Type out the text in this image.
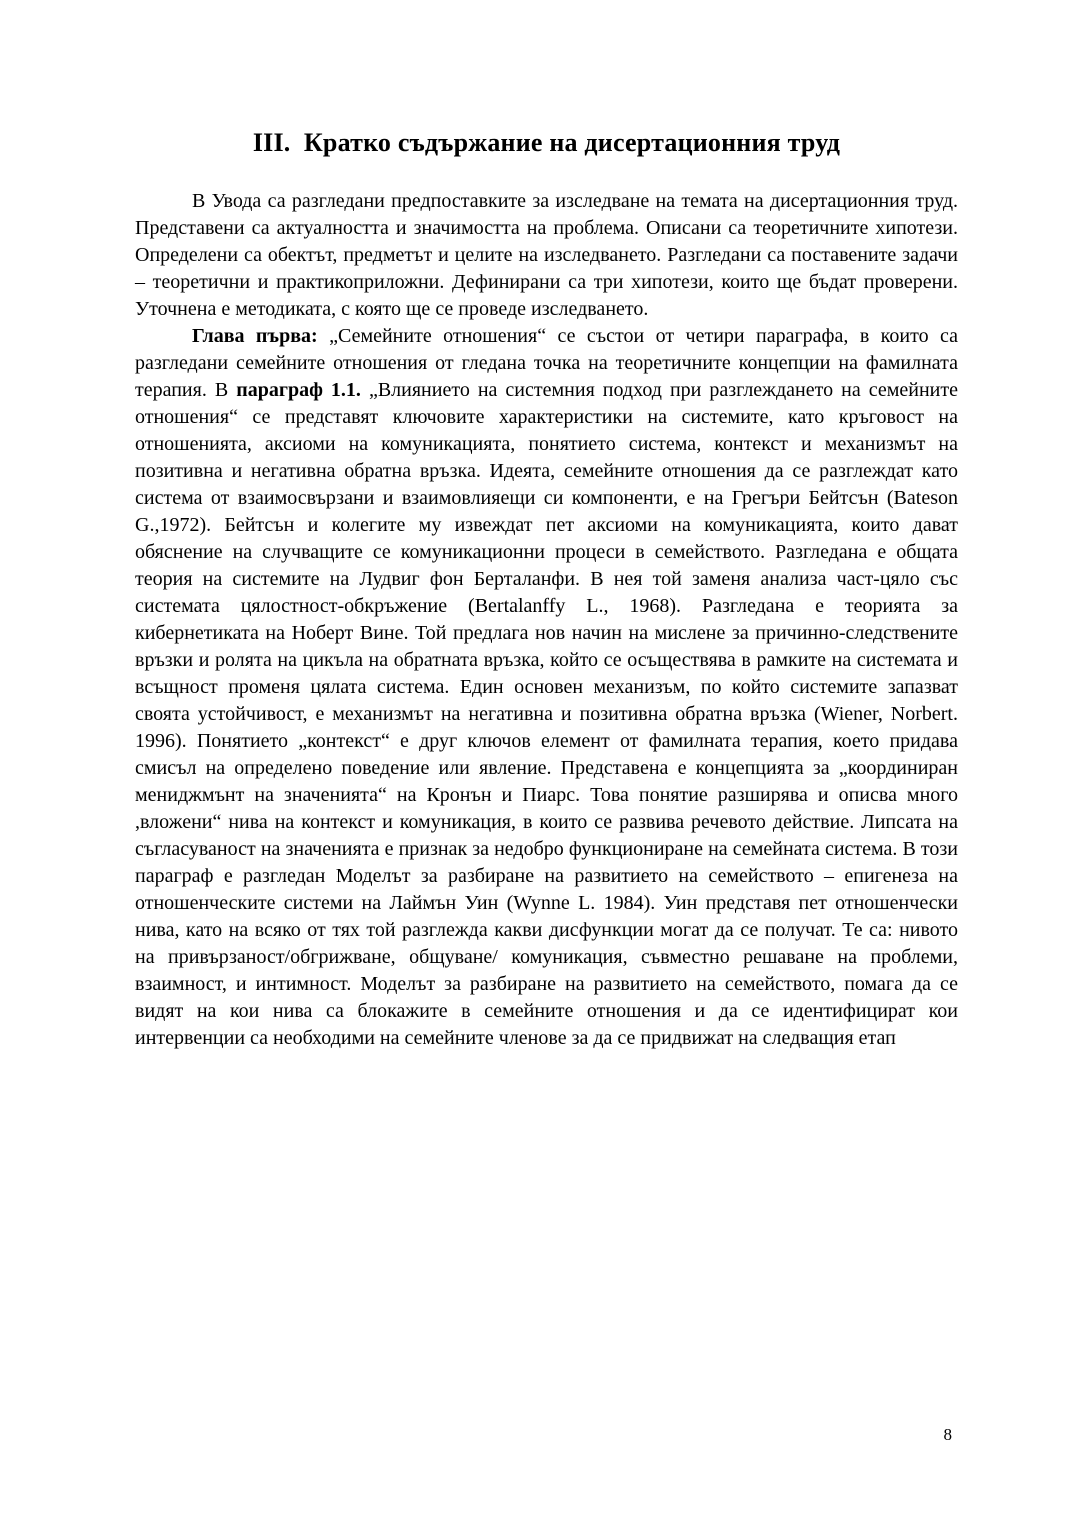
III.  Кратко съдържание на дисертационния труд

В Увода са разгледани предпоставките за изследване на темата на дисертационния труд. Представени са актуалността и значимостта на проблема. Описани са теоретичните хипотези. Определени са обектът, предметът и целите на изследването. Разгледани са поставените задачи – теоретични и практикоприложни. Дефинирани са три хипотези, които ще бъдат проверени. Уточнена е методиката, с която ще се проведе изследването.

Глава първа: „Семейните отношения“ се състои от четири параграфа, в които са разгледани семейните отношения от гледана точка на теоретичните концепции на фамилната терапия. В параграф 1.1. „Влиянието на системния подход при разглеждането на семейните отношения“ се представят ключовите характеристики на системите, като кръговост на отношенията, аксиоми на комуникацията, понятието система, контекст и механизмът на позитивна и негативна обратна връзка. Идеята, семейните отношения да се разглеждат като система от взаимосвързани и взаимовлияещи си компоненти, е на Грегъри Бейтсън (Bateson G.,1972). Бейтсън и колегите му извеждат пет аксиоми на комуникацията, които дават обяснение на случващите се комуникационни процеси в семейството. Разгледана е общата теория на системите на Лудвиг фон Берталанфи. В нея той заменя анализа част-цяло със системата цялостност-обкръжение (Bertalanffy L., 1968). Разгледана е теорията за кибернетиката на Ноберт Вине. Той предлага нов начин на мислене за причинно-следствените връзки и ролята на цикъла на обратната връзка, който се осъществява в рамките на системата и всъщност променя цялата система. Един основен механизъм, по който системите запазват своята устойчивост, е механизмът на негативна и позитивна обратна връзка (Wiener, Norbert. 1996). Понятието „контекст“ е друг ключов елемент от фамилната терапия, което придава смисъл на определено поведение или явление. Представена е концепцията за „координиран мениджмънт на значенията“ на Кронън и Пиарс. Това понятие разширява и описва много ,вложени“ нива на контекст и комуникация, в които се развива речевото действие. Липсата на съгласуваност на значенията е признак за недобро функциониране на семейната система. В този параграф е разгледан Моделът за разбиране на развитието на семейството – епигенеза на отношенческите системи на Лаймън Уин (Wynne L. 1984). Уин представя пет отношенчески нива, като на всяко от тях той разглежда какви дисфункции могат да се получат. Те са: нивото на привързаност/обгрижване, общуване/ комуникация, съвместно решаване на проблеми, взаимност, и интимност. Моделът за разбиране на развитието на семейството, помага да се видят на кои нива са блокажите в семейните отношения и да се идентифицират кои интервенции са необходими на семейните членове за да се придвижат на следващия етап

8
